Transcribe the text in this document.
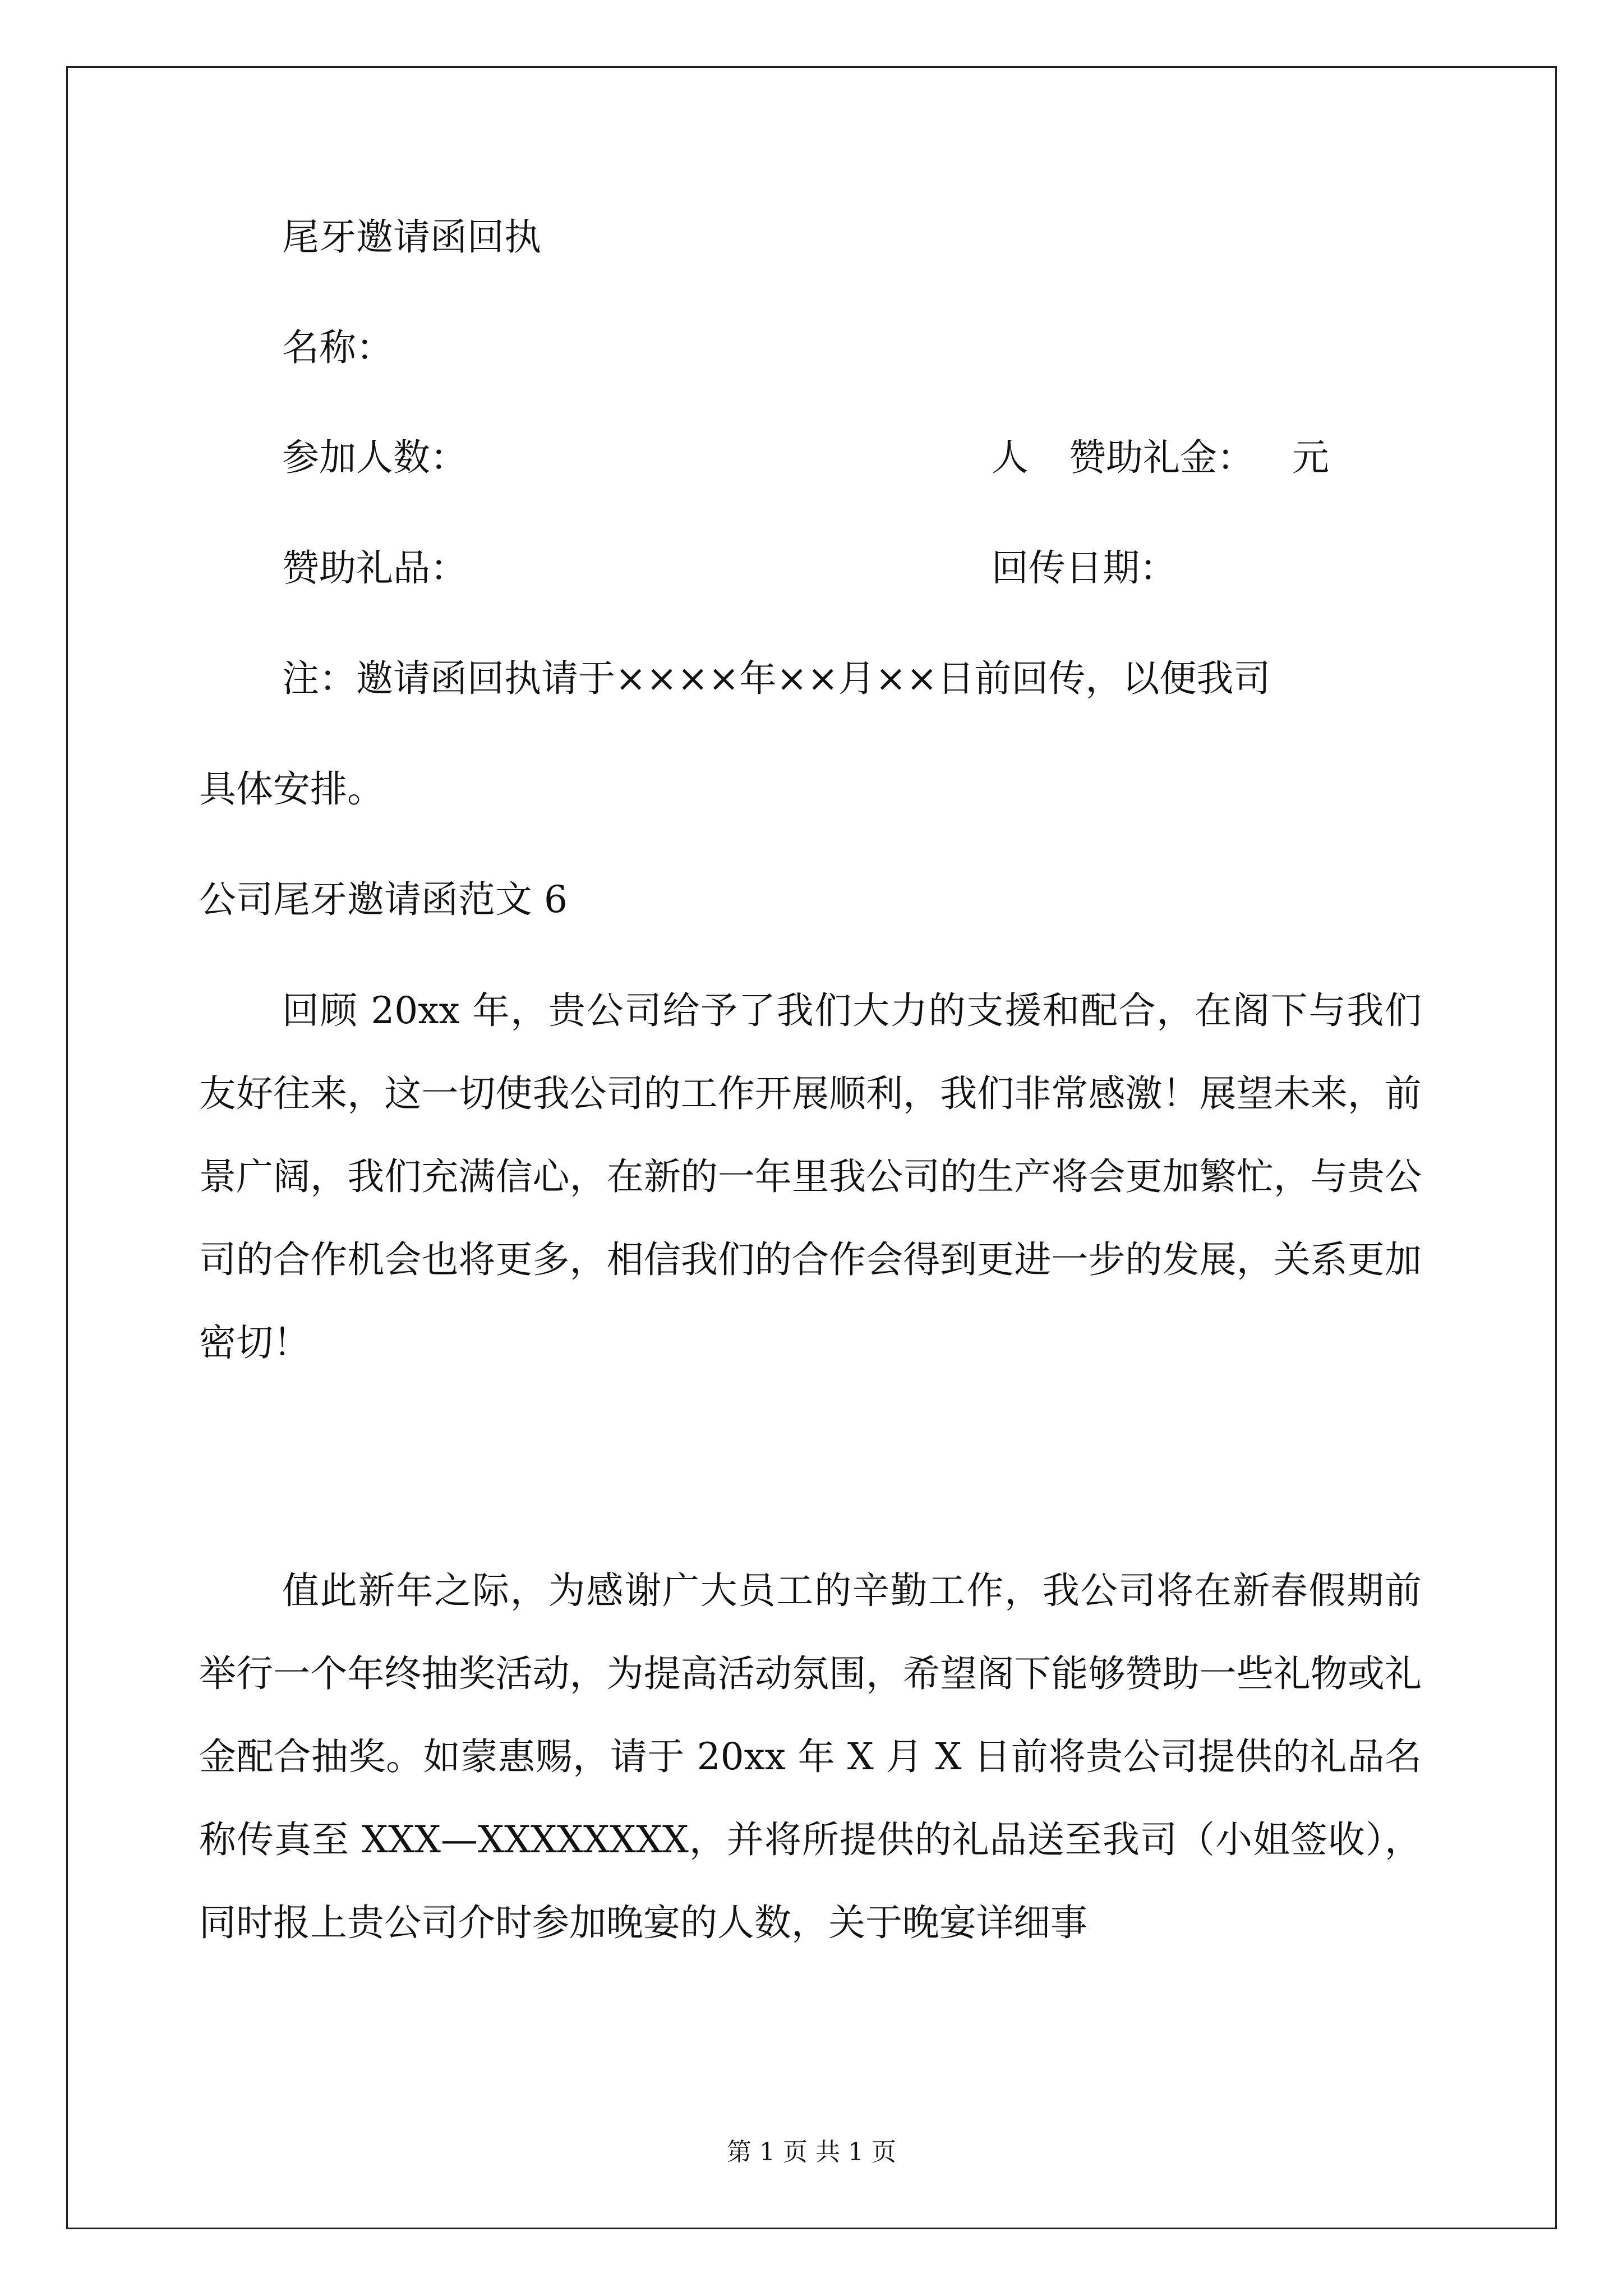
尾牙邀请函回执
名称：
参加人数：	人 赞助礼金： 元
赞助礼品：	回传日期：
注：邀请函回执请于××××年××月××日前回传，以便我司
具体安排。
公司尾牙邀请函范文 6
回顾 20xx 年，贵公司给予了我们大力的支援和配合，在阁下与我们友好往来，这一切使我公司的工作开展顺利，我们非常感激！展望未来，前景广阔，我们充满信心，在新的一年里我公司的生产将会更加繁忙，与贵公司的合作机会也将更多，相信我们的合作会得到更进一步的发展，关系更加密切！
值此新年之际，为感谢广大员工的辛勤工作，我公司将在新春假期前举行一个年终抽奖活动，为提高活动氛围，希望阁下能够赞助一些礼物或礼金配合抽奖。如蒙惠赐，请于 20xx 年 X 月 X 日前将贵公司提供的礼品名称传真至 XXX—XXXXXXXX，并将所提供的礼品送至我司（小姐签收），同时报上贵公司介时参加晚宴的人数，关于晚宴详细事
第 1 页 共 1 页
